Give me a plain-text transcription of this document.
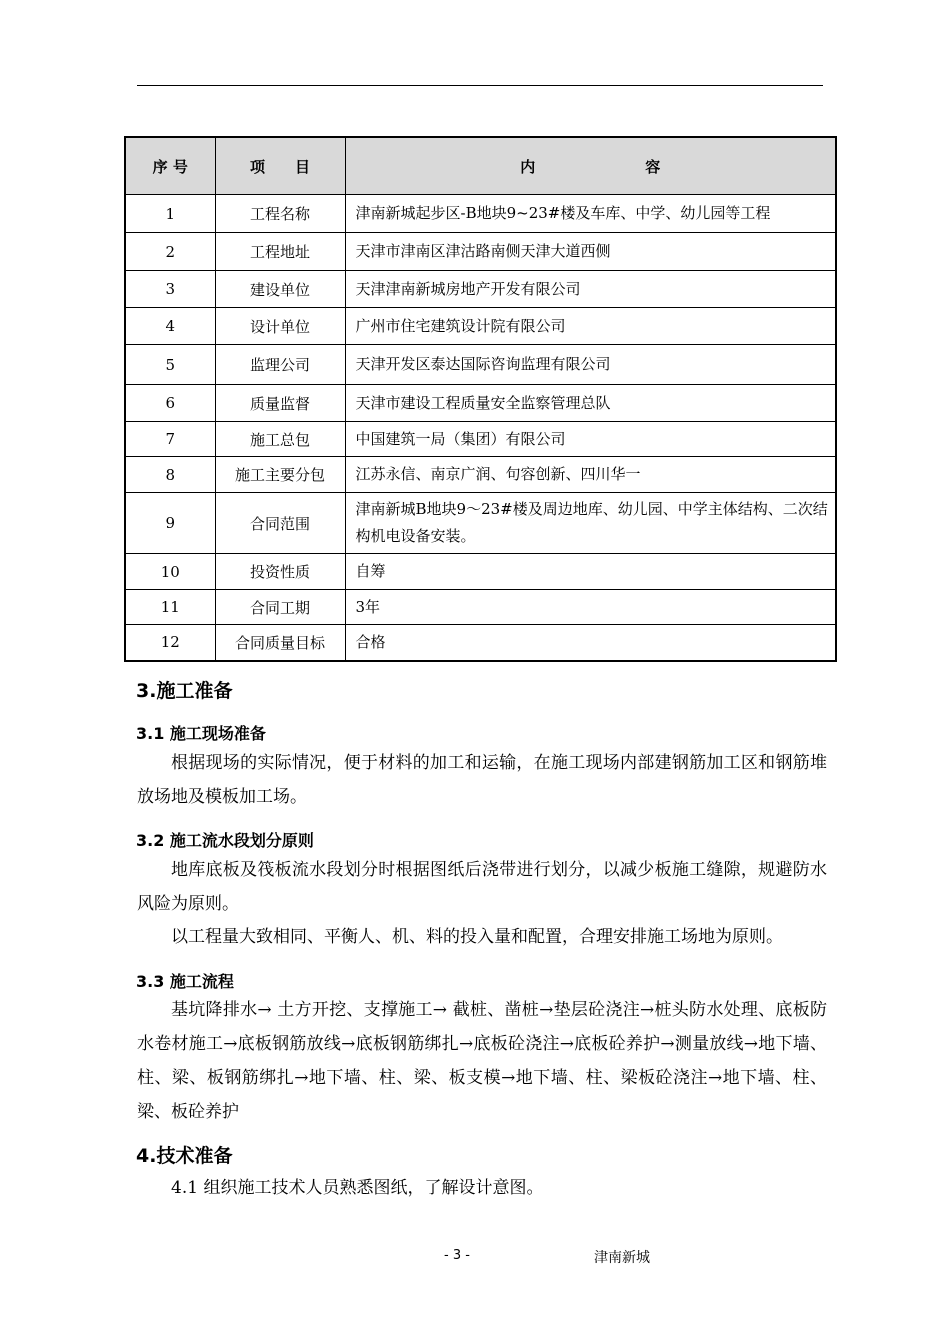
序 号	项　　目	内 容
1	工程名称	津南新城起步区-B地块9~23#楼及车库、中学、幼儿园等工程
2	工程地址	天津市津南区津沽路南侧天津大道西侧
3	建设单位	天津津南新城房地产开发有限公司
4	设计单位	广州市住宅建筑设计院有限公司
5	监理公司	天津开发区泰达国际咨询监理有限公司
6	质量监督	天津市建设工程质量安全监察管理总队
7	施工总包	中国建筑一局（集团）有限公司
8	施工主要分包	江苏永信、南京广润、句容创新、四川华一
9	合同范围	津南新城B地块9～23#楼及周边地库、幼儿园、中学主体结构、二次结构机电设备安装。
10	投资性质	自筹
11	合同工期	3年
12	合同质量目标	合格
3.施工准备
3.1 施工现场准备

根据现场的实际情况，便于材料的加工和运输，在施工现场内部建钢筋加工区和钢筋堆放场地及模板加工场。

3.2 施工流水段划分原则

地库底板及筏板流水段划分时根据图纸后浇带进行划分，以减少板施工缝隙，规避防水风险为原则。

以工程量大致相同、平衡人、机、料的投入量和配置，合理安排施工场地为原则。

3.3 施工流程

基坑降排水→ 土方开挖、支撑施工→ 截桩、凿桩→垫层砼浇注→桩头防水处理、底板防水卷材施工→底板钢筋放线→底板钢筋绑扎→底板砼浇注→底板砼养护→测量放线→地下墙、柱、梁、板钢筋绑扎→地下墙、柱、梁、板支模→地下墙、柱、梁板砼浇注→地下墙、柱、梁、板砼养护

4.技术准备

4.1 组织施工技术人员熟悉图纸，了解设计意图。

- 3 -	津南新城
